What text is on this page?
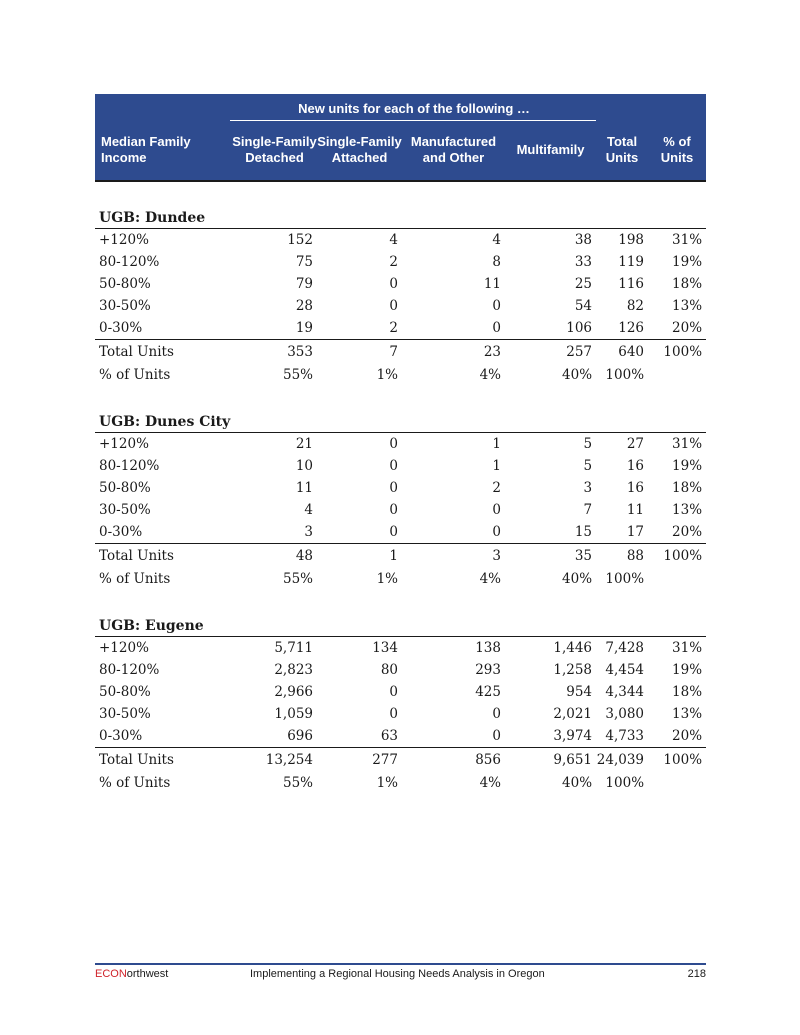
	New units for each of the following …					

Median Family Income	Single-Family Detached	Single-Family Attached	Manufactured and Other	Multifamily	Total Units	% of Units

UGB: Dundee						
+120%	152	4	4	38	198	31%
80-120%	75	2	8	33	119	19%
50-80%	79	0	11	25	116	18%
30-50%	28	0	0	54	82	13%
0-30%	19	2	0	106	126	20%
Total Units	353	7	23	257	640	100%
% of Units	55%	1%	4%	40%	100%	

UGB: Dunes City						
+120%	21	0	1	5	27	31%
80-120%	10	0	1	5	16	19%
50-80%	11	0	2	3	16	18%
30-50%	4	0	0	7	11	13%
0-30%	3	0	0	15	17	20%
Total Units	48	1	3	35	88	100%
% of Units	55%	1%	4%	40%	100%	

UGB: Eugene						
+120%	5,711	134	138	1,446	7,428	31%
80-120%	2,823	80	293	1,258	4,454	19%
50-80%	2,966	0	425	954	4,344	18%
30-50%	1,059	0	0	2,021	3,080	13%
0-30%	696	63	0	3,974	4,733	20%
Total Units	13,254	277	856	9,651	24,039	100%
% of Units	55%	1%	4%	40%	100%	
ECONorthwest	Implementing a Regional Housing Needs Analysis in Oregon	218
